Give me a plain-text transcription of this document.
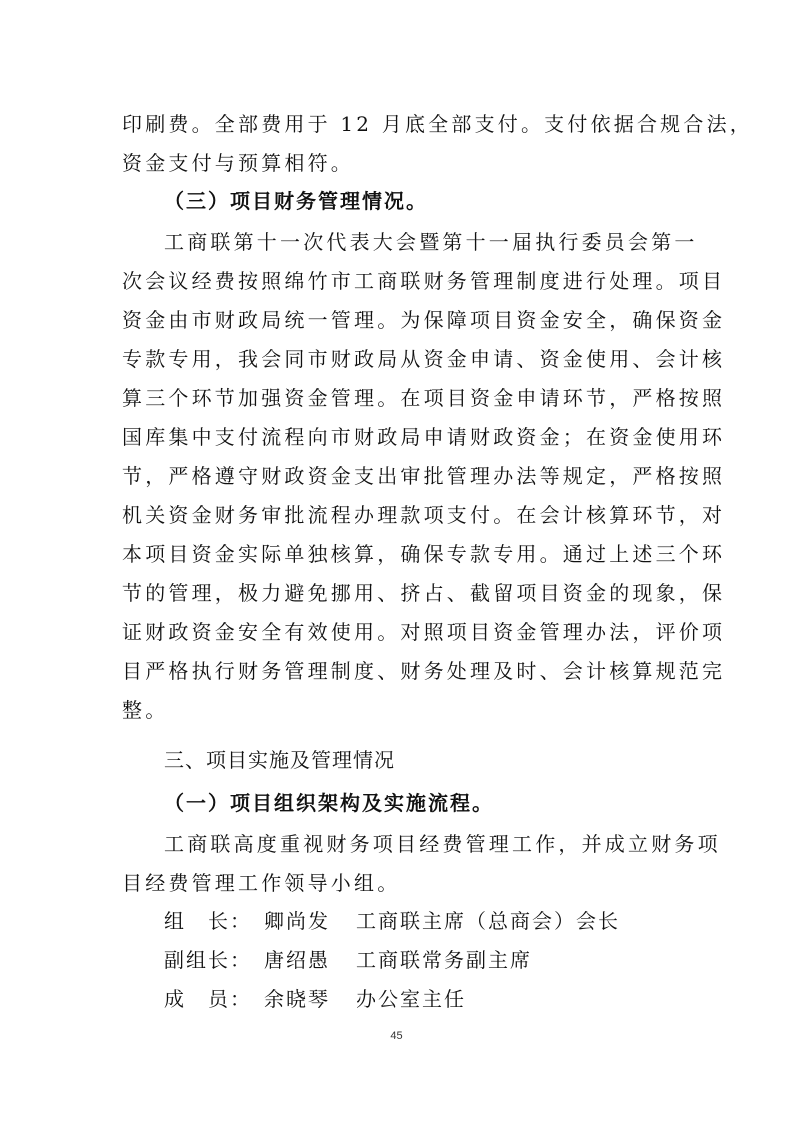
印刷费。全部费用于 12 月底全部支付。支付依据合规合法，
资金支付与预算相符。
（三）项目财务管理情况。
工商联第十一次代表大会暨第十一届执行委员会第一
次会议经费按照绵竹市工商联财务管理制度进行处理。项目
资金由市财政局统一管理。为保障项目资金安全，确保资金
专款专用，我会同市财政局从资金申请、资金使用、会计核
算三个环节加强资金管理。在项目资金申请环节，严格按照
国库集中支付流程向市财政局申请财政资金；在资金使用环
节，严格遵守财政资金支出审批管理办法等规定，严格按照
机关资金财务审批流程办理款项支付。在会计核算环节，对
本项目资金实际单独核算，确保专款专用。通过上述三个环
节的管理，极力避免挪用、挤占、截留项目资金的现象，保
证财政资金安全有效使用。对照项目资金管理办法，评价项
目严格执行财务管理制度、财务处理及时、会计核算规范完
整。
三、项目实施及管理情况
（一）项目组织架构及实施流程。
工商联高度重视财务项目经费管理工作，并成立财务项
目经费管理工作领导小组。
组　长： 卿尚发 工商联主席（总商会）会长
副组长： 唐绍愚 工商联常务副主席
成　员： 余晓琴 办公室主任
45
